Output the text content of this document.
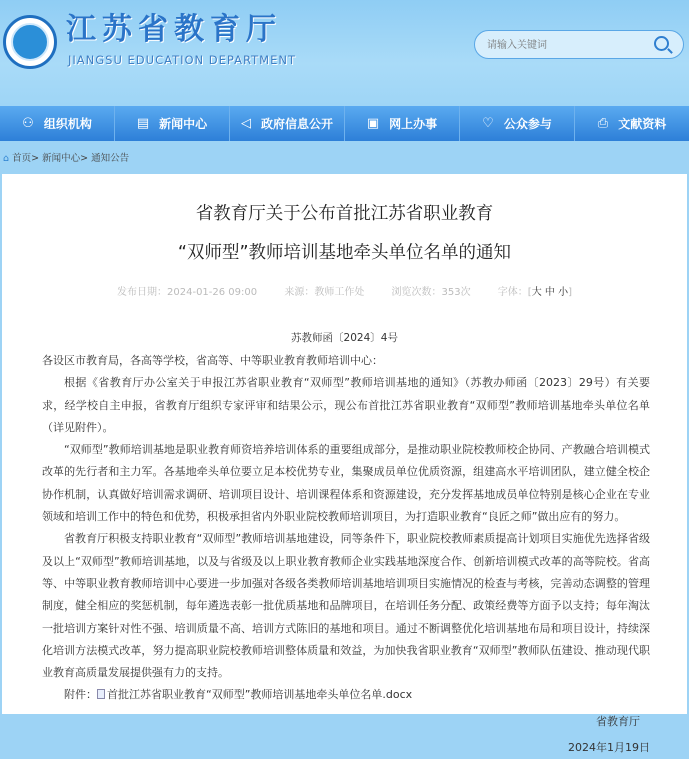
江苏省教育厅
JIANGSU EDUCATION DEPARTMENT
请输入关键词
⚇ 组织机构	▤ 新闻中心	◁ 政府信息公开	▣ 网上办事	♡ 公众参与	⎙ 文献资料
⌂ 首页> 新闻中心> 通知公告
省教育厅关于公布首批江苏省职业教育
“双师型”教师培训基地牵头单位名单的通知
发布日期：2024-01-26 09:00	来源：教师工作处	浏览次数：353次	字体：[大 中 小]
苏教师函〔2024〕4号

各设区市教育局，各高等学校，省高等、中等职业教育教师培训中心：

根据《省教育厅办公室关于申报江苏省职业教育“双师型”教师培训基地的通知》（苏教办师函〔2023〕29号）有关要求，经学校自主申报，省教育厅组织专家评审和结果公示，现公布首批江苏省职业教育“双师型”教师培训基地牵头单位名单（详见附件）。

“双师型”教师培训基地是职业教育师资培养培训体系的重要组成部分，是推动职业院校教师校企协同、产教融合培训模式改革的先行者和主力军。各基地牵头单位要立足本校优势专业，集聚成员单位优质资源，组建高水平培训团队，建立健全校企协作机制，认真做好培训需求调研、培训项目设计、培训课程体系和资源建设，充分发挥基地成员单位特别是核心企业在专业领域和培训工作中的特色和优势，积极承担省内外职业院校教师培训项目，为打造职业教育“良匠之师”做出应有的努力。

省教育厅积极支持职业教育“双师型”教师培训基地建设，同等条件下，职业院校教师素质提高计划项目实施优先选择省级及以上“双师型”教师培训基地，以及与省级及以上职业教育教师企业实践基地深度合作、创新培训模式改革的高等院校。省高等、中等职业教育教师培训中心要进一步加强对各级各类教师培训基地培训项目实施情况的检查与考核，完善动态调整的管理制度，健全相应的奖惩机制，每年遴选表彰一批优质基地和品牌项目，在培训任务分配、政策经费等方面予以支持；每年淘汰一批培训方案针对性不强、培训质量不高、培训方式陈旧的基地和项目。通过不断调整优化培训基地布局和项目设计，持续深化培训方法模式改革，努力提高职业院校教师培训整体质量和效益，为加快我省职业教育“双师型”教师队伍建设、推动现代职业教育高质量发展提供强有力的支持。

附件： 首批江苏省职业教育“双师型”教师培训基地牵头单位名单.docx
省教育厅
2024年1月19日
